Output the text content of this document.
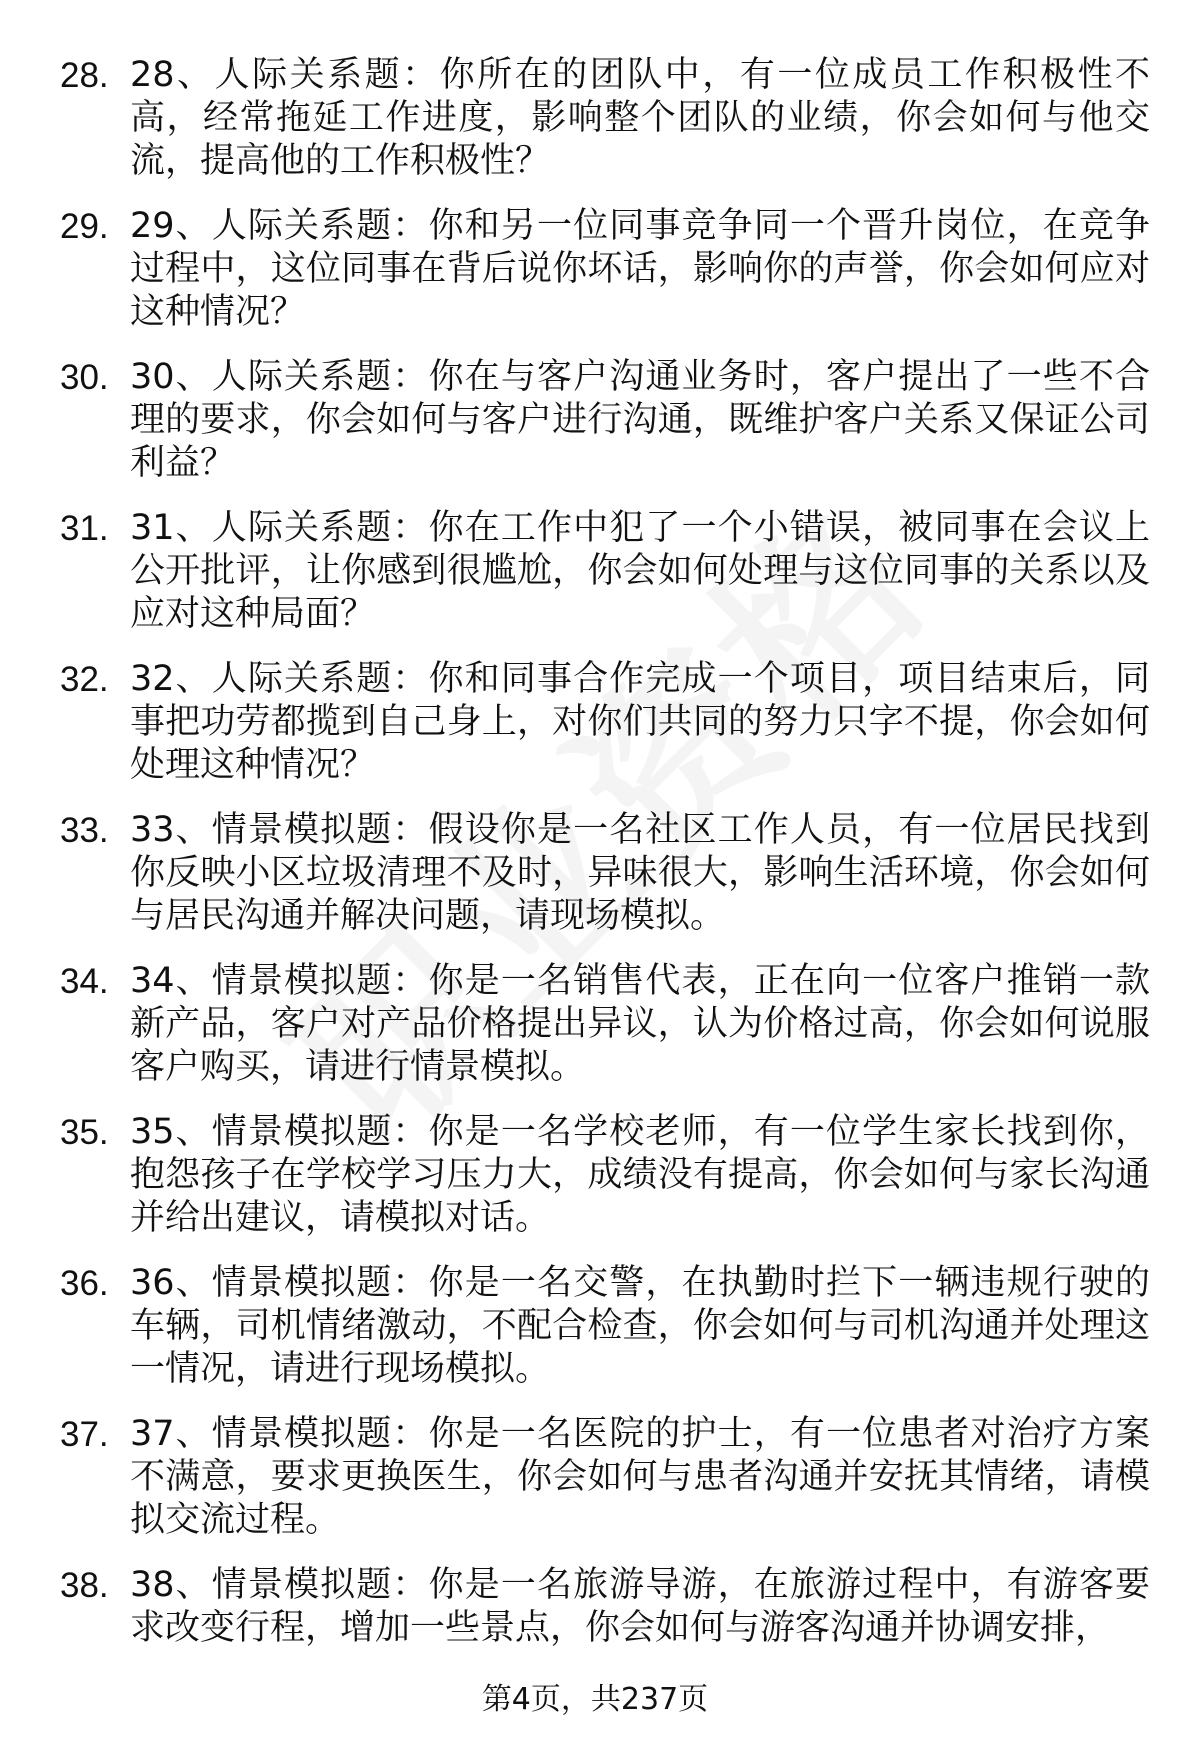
28. 28、人际关系题：你所在的团队中，有一位成员工作积极性不高，经常拖延工作进度，影响整个团队的业绩，你会如何与他交流，提高他的工作积极性？
29. 29、人际关系题：你和另一位同事竞争同一个晋升岗位，在竞争过程中，这位同事在背后说你坏话，影响你的声誉，你会如何应对这种情况？
30. 30、人际关系题：你在与客户沟通业务时，客户提出了一些不合理的要求，你会如何与客户进行沟通，既维护客户关系又保证公司利益？
31. 31、人际关系题：你在工作中犯了一个小错误，被同事在会议上公开批评，让你感到很尴尬，你会如何处理与这位同事的关系以及应对这种局面？
32. 32、人际关系题：你和同事合作完成一个项目，项目结束后，同事把功劳都揽到自己身上，对你们共同的努力只字不提，你会如何处理这种情况？
33. 33、情景模拟题：假设你是一名社区工作人员，有一位居民找到你反映小区垃圾清理不及时，异味很大，影响生活环境，你会如何与居民沟通并解决问题，请现场模拟。
34. 34、情景模拟题：你是一名销售代表，正在向一位客户推销一款新产品，客户对产品价格提出异议，认为价格过高，你会如何说服客户购买，请进行情景模拟。
35. 35、情景模拟题：你是一名学校老师，有一位学生家长找到你，抱怨孩子在学校学习压力大，成绩没有提高，你会如何与家长沟通并给出建议，请模拟对话。
36. 36、情景模拟题：你是一名交警，在执勤时拦下一辆违规行驶的车辆，司机情绪激动，不配合检查，你会如何与司机沟通并处理这一情况，请进行现场模拟。
37. 37、情景模拟题：你是一名医院的护士，有一位患者对治疗方案不满意，要求更换医生，你会如何与患者沟通并安抚其情绪，请模拟交流过程。
38. 38、情景模拟题：你是一名旅游导游，在旅游过程中，有游客要求改变行程，增加一些景点，你会如何与游客沟通并协调安排，
第4页，共237页
